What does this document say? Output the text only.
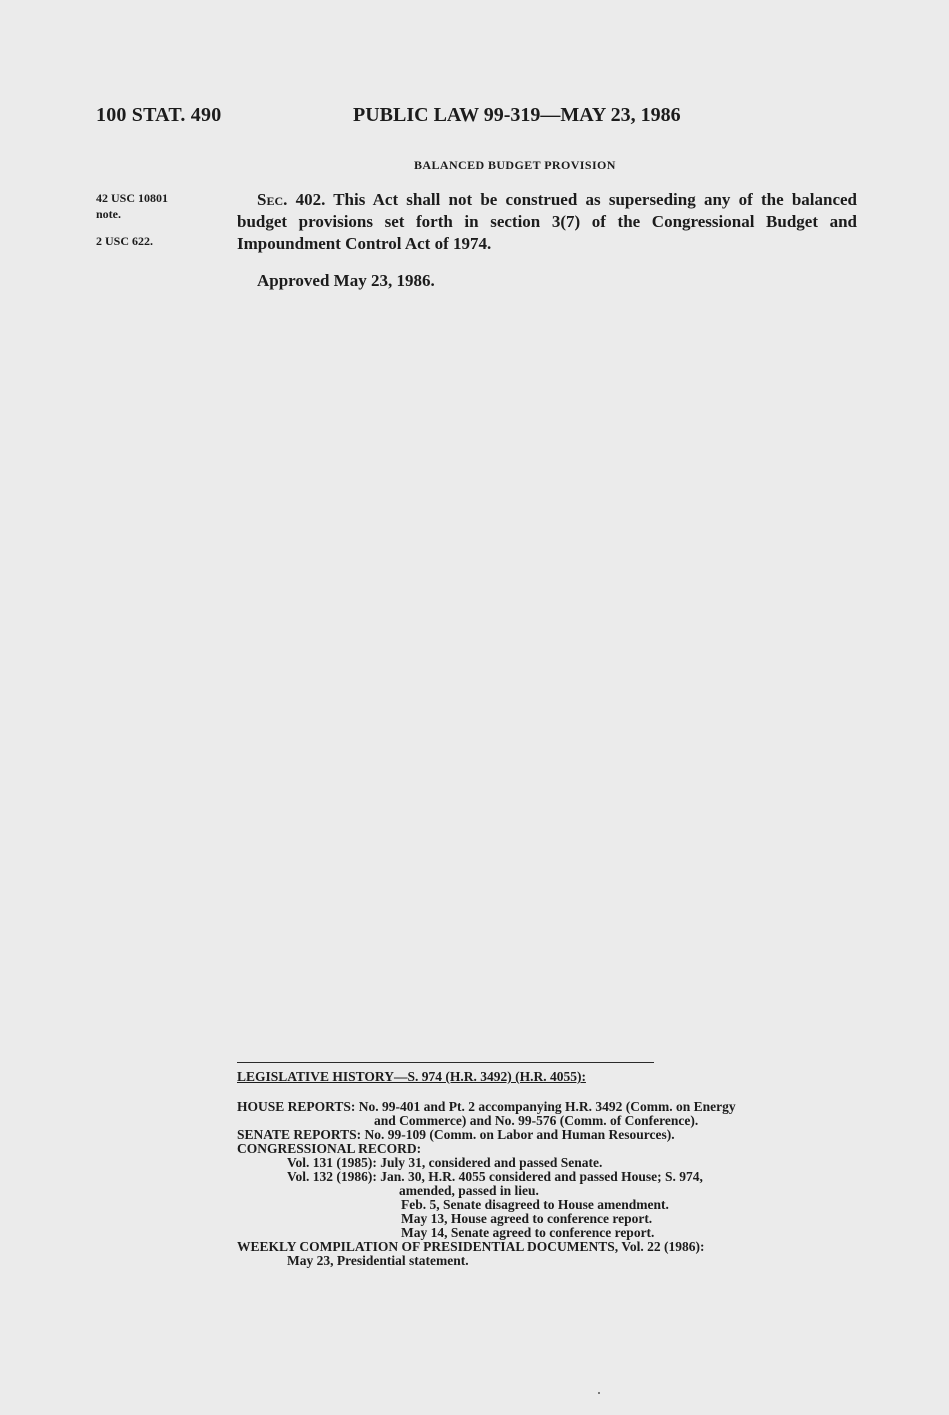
100 STAT. 490	PUBLIC LAW 99-319—MAY 23, 1986
BALANCED BUDGET PROVISION
42 USC 10801
note.
2 USC 622.
Sec. 402. This Act shall not be construed as superseding any of the balanced budget provisions set forth in section 3(7) of the Congressional Budget and Impoundment Control Act of 1974.
Approved May 23, 1986.
LEGISLATIVE HISTORY—S. 974 (H.R. 3492) (H.R. 4055):
HOUSE REPORTS: No. 99-401 and Pt. 2 accompanying H.R. 3492 (Comm. on Energy
and Commerce) and No. 99-576 (Comm. of Conference).
SENATE REPORTS: No. 99-109 (Comm. on Labor and Human Resources).
CONGRESSIONAL RECORD:
Vol. 131 (1985): July 31, considered and passed Senate.
Vol. 132 (1986): Jan. 30, H.R. 4055 considered and passed House; S. 974,
amended, passed in lieu.
Feb. 5, Senate disagreed to House amendment.
May 13, House agreed to conference report.
May 14, Senate agreed to conference report.
WEEKLY COMPILATION OF PRESIDENTIAL DOCUMENTS, Vol. 22 (1986):
May 23, Presidential statement.
